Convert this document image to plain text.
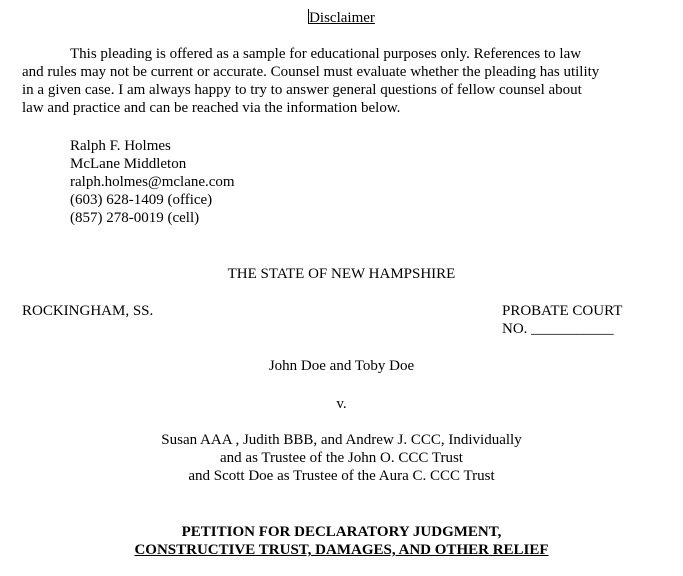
Disclaimer
This pleading is offered as a sample for educational purposes only. References to law
and rules may not be current or accurate. Counsel must evaluate whether the pleading has utility
in a given case. I am always happy to try to answer general questions of fellow counsel about
law and practice and can be reached via the information below.
Ralph F. Holmes
McLane Middleton
ralph.holmes@mclane.com
(603) 628-1409 (office)
(857) 278-0019 (cell)
THE STATE OF NEW HAMPSHIRE
ROCKINGHAM, SS.	PROBATE COURT
NO. ___________
John Doe and Toby Doe
v.
Susan AAA , Judith BBB, and Andrew J. CCC, Individually
and as Trustee of the John O. CCC Trust
and Scott Doe as Trustee of the Aura C. CCC Trust
PETITION FOR DECLARATORY JUDGMENT,
CONSTRUCTIVE TRUST, DAMAGES, AND OTHER RELIEF
